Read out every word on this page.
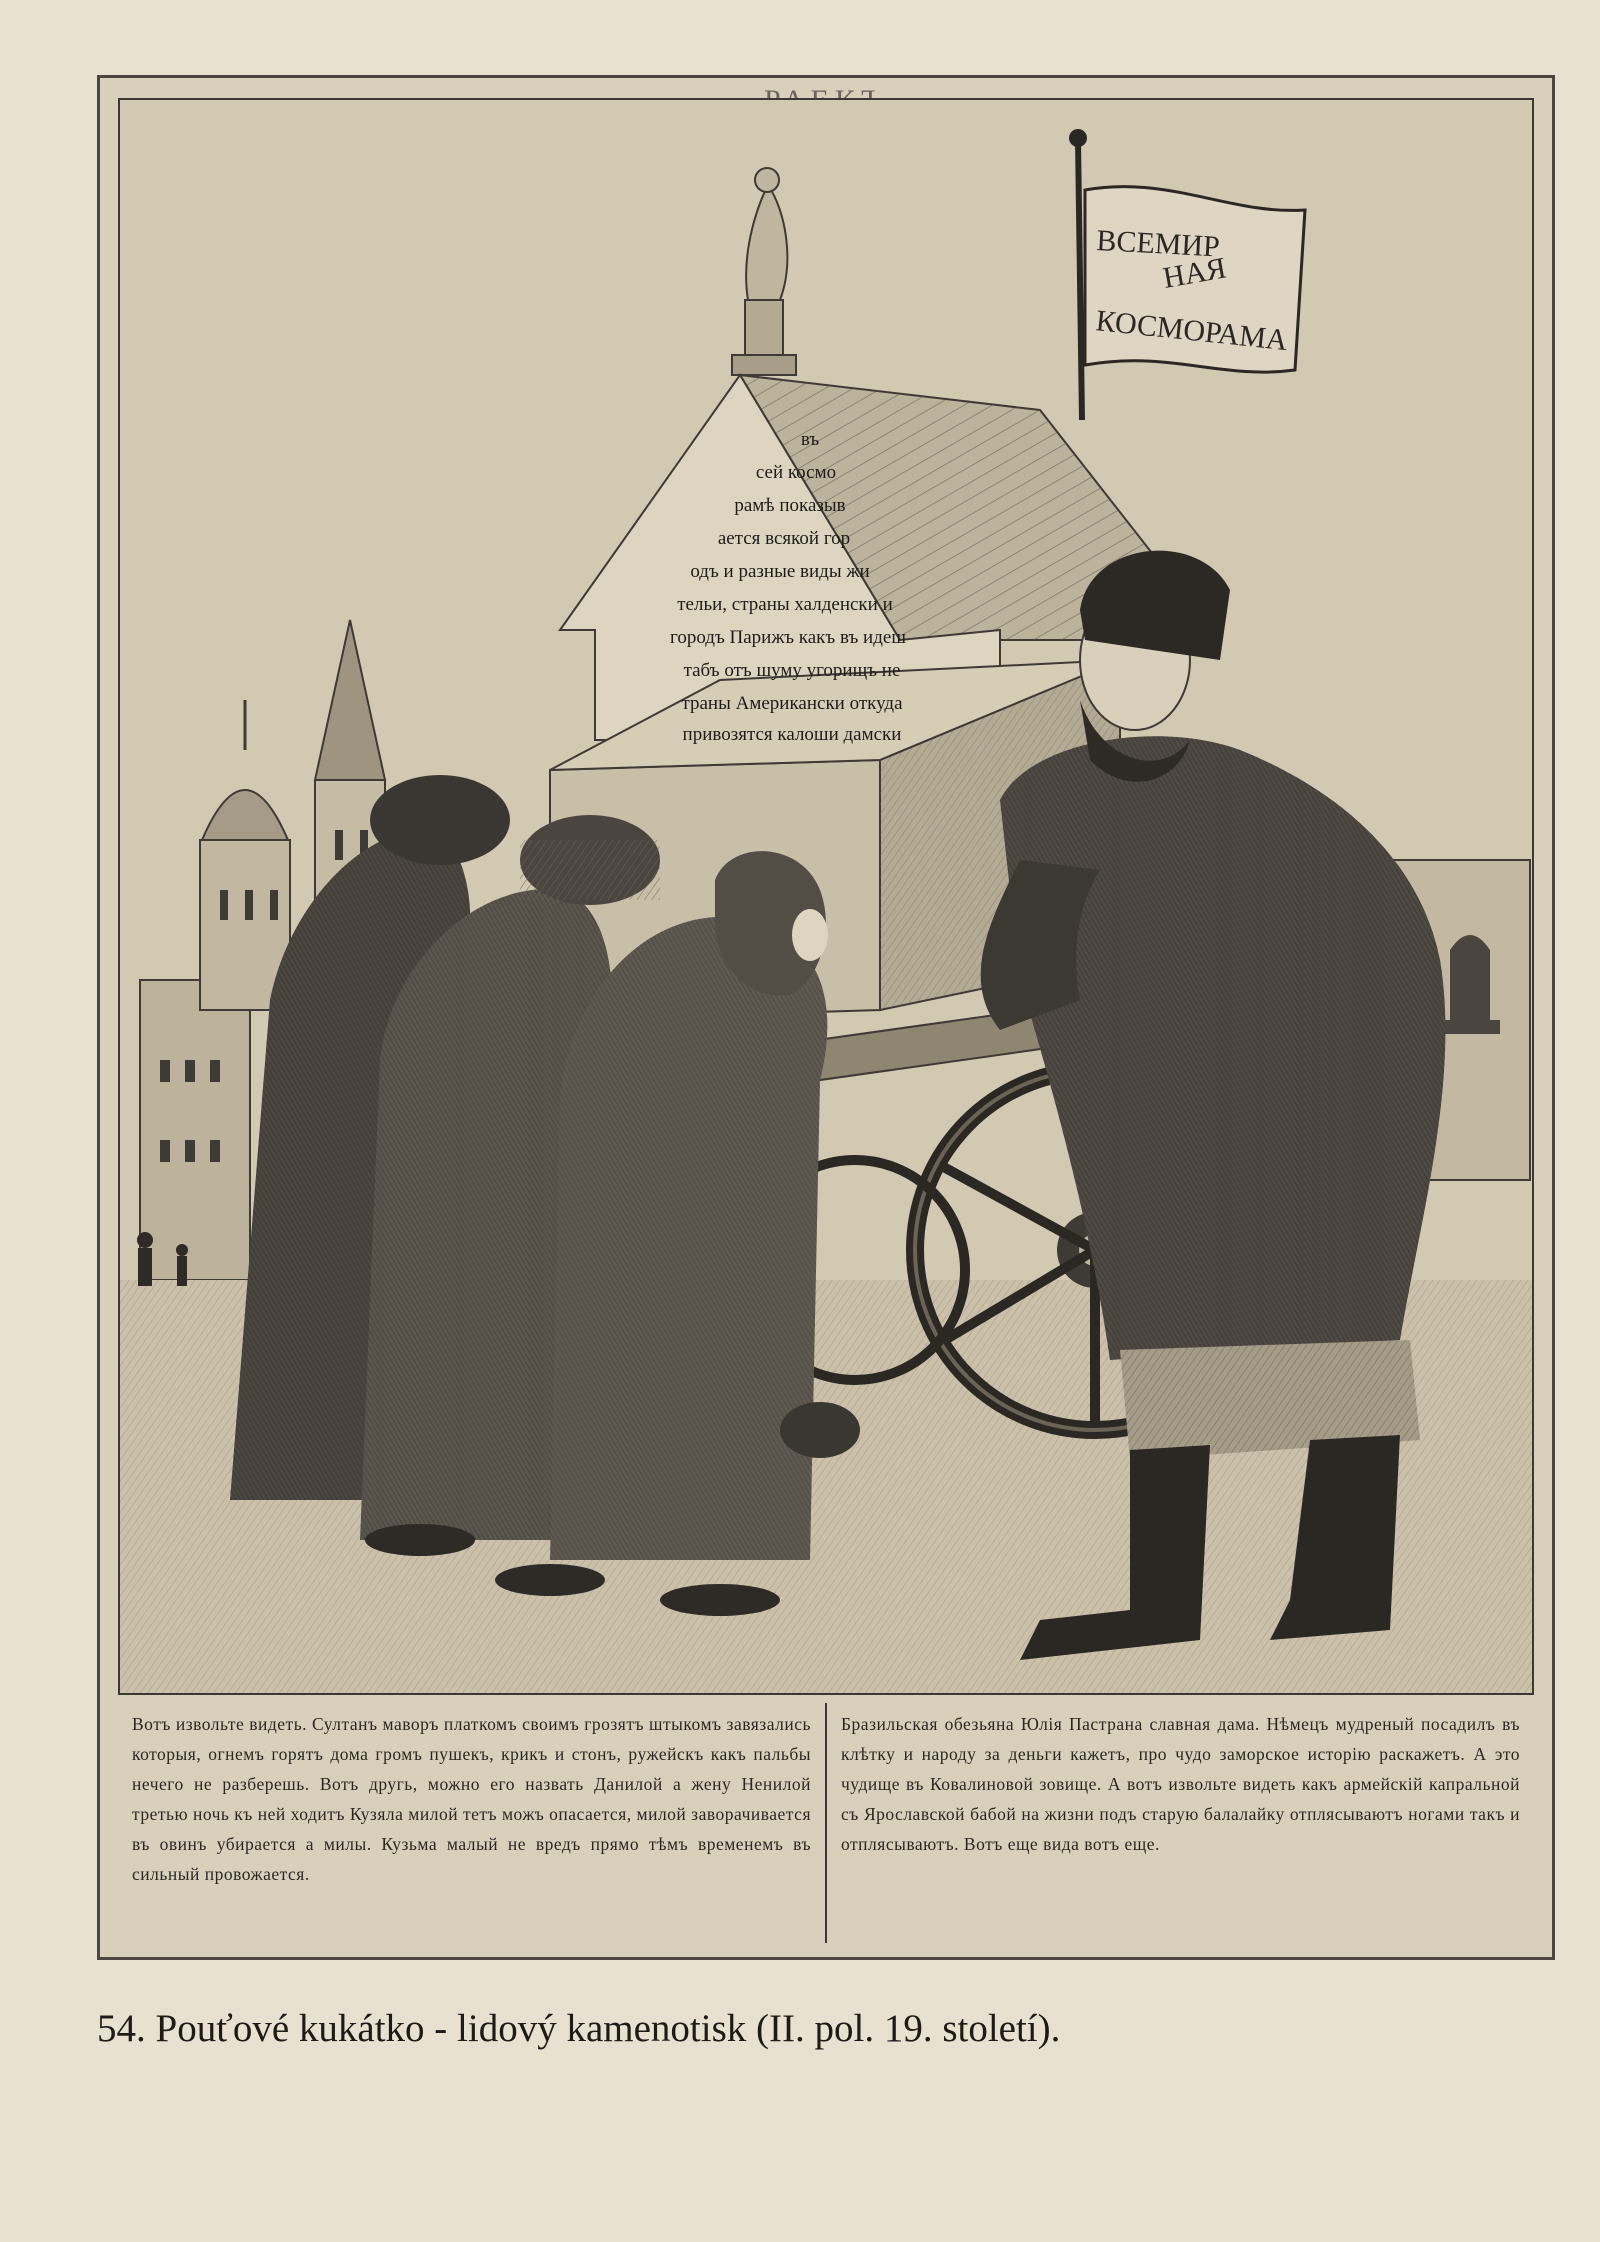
ВСЕМИР
НАЯ
КОСМОРАМА
въ
сей космо
рамѣ показыв
ается всякой гор
одъ и разные виды жи
тельи, страны халденски и
городъ Парижъ какъ въ идеш
табъ отъ шуму угорищъ не
траны Американски откуда
привозятся калоши дамски
Вотъ извольте видеть. Султанъ маворъ платкомъ своимъ грозятъ штыкомъ завязались которыя, огнемъ горятъ дома громъ пушекъ, крикъ и стонъ, ружейскъ какъ пальбы нечего не разберешь. Вотъ другь, можно его назвать Данилой а жену Ненилой третью ночь къ ней ходитъ Кузяла милой тетъ можъ опасается, милой заворачивается въ овинъ убирается а милы. Кузьма малый не вредъ прямо тѣмъ временемъ въ сильный провожается.
Бразильская обезьяна Юлія Пастрана славная дама. Нѣмецъ мудреный посадилъ въ клѣтку и народу за деньги кажетъ, про чудо заморское исторію раскажетъ. А это чудище въ Ковалиновой зовище. А вотъ извольте видеть какъ армейскій капральной съ Ярославской бабой на жизни подъ старую балалайку отплясываютъ ногами такъ и отплясываютъ. Вотъ еще вида вотъ еще.
54. Pouťové kukátko - lidový kamenotisk (II. pol. 19. století).
